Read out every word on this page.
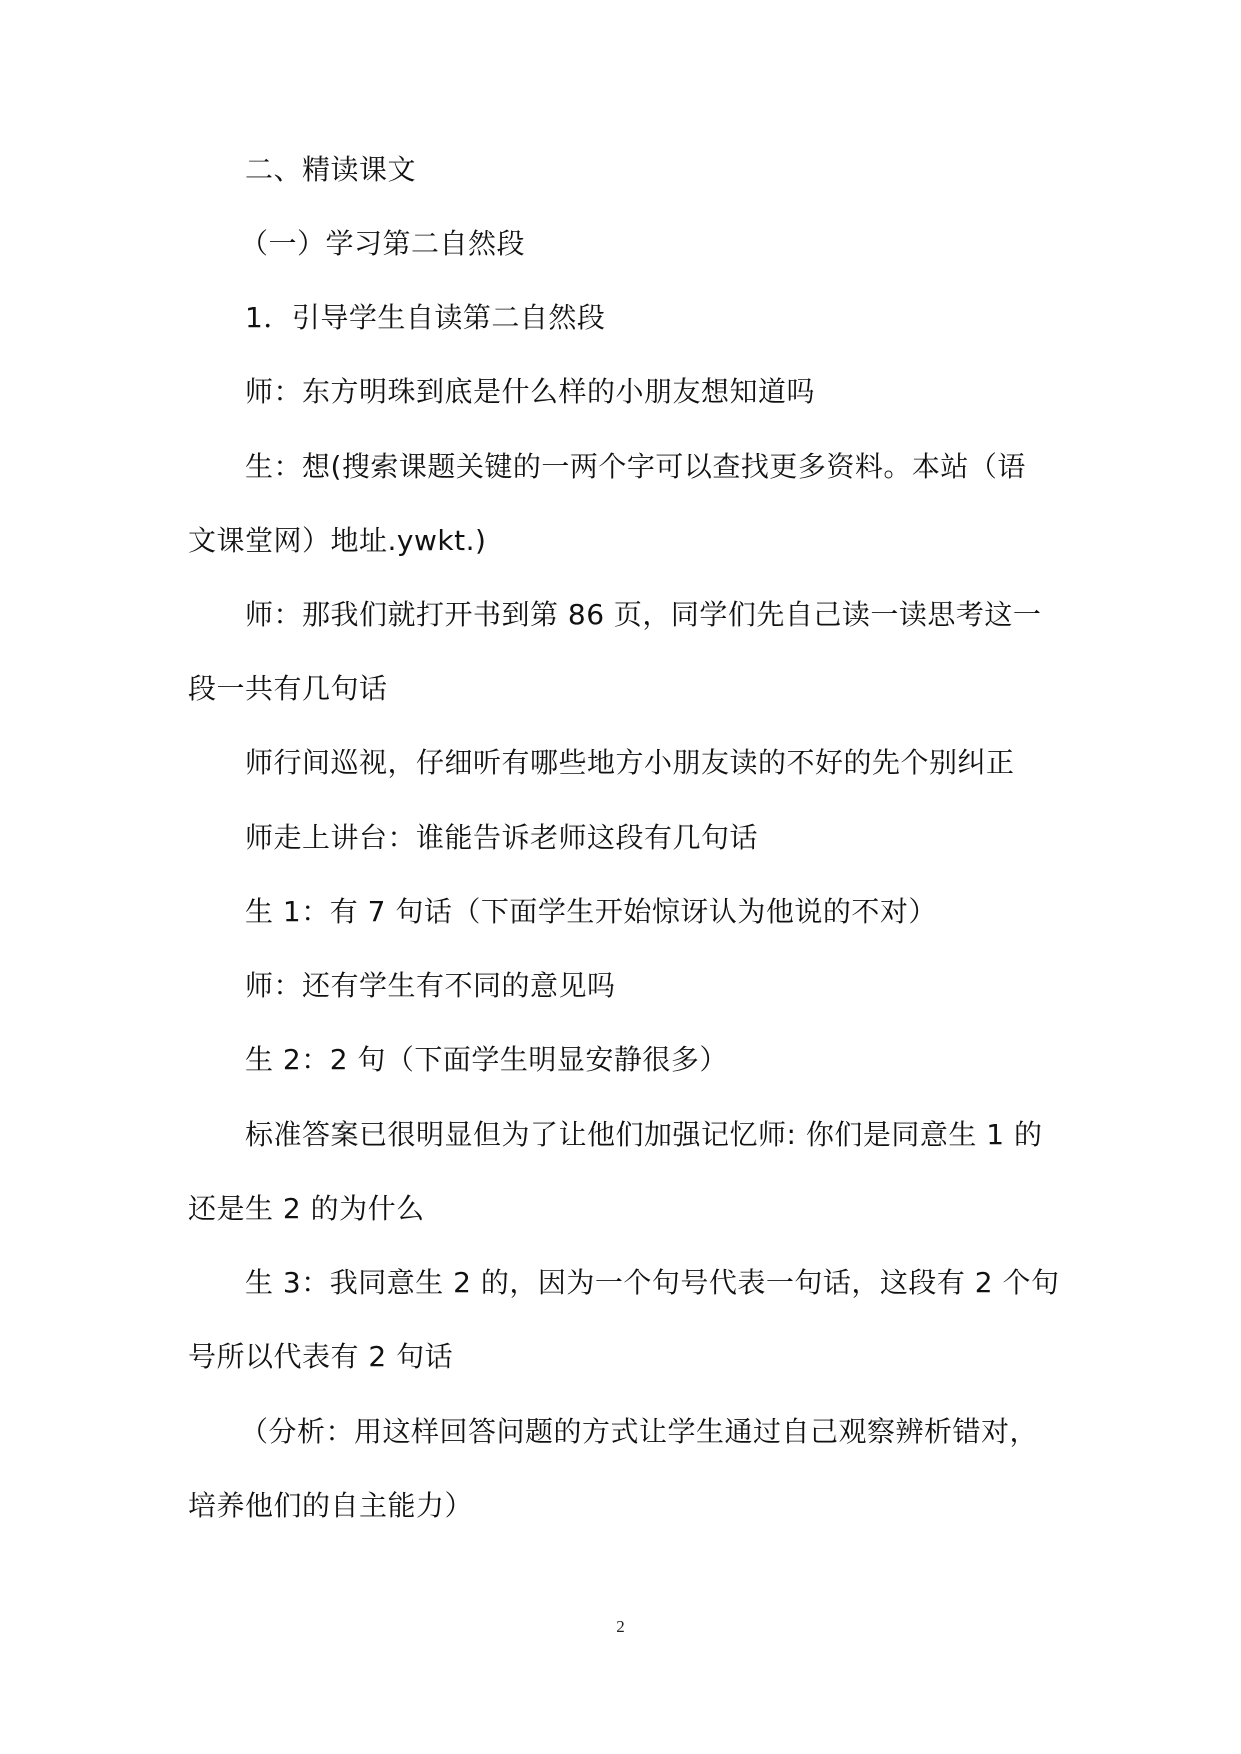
二、精读课文
（一）学习第二自然段
1．引导学生自读第二自然段
师：东方明珠到底是什么样的小朋友想知道吗
生：想(搜索课题关键的一两个字可以查找更多资料。本站（语
文课堂网）地址.ywkt.)
师：那我们就打开书到第 86 页，同学们先自己读一读思考这一
段一共有几句话
师行间巡视，仔细听有哪些地方小朋友读的不好的先个别纠正
师走上讲台：谁能告诉老师这段有几句话
生 1：有 7 句话（下面学生开始惊讶认为他说的不对）
师：还有学生有不同的意见吗
生 2：2 句（下面学生明显安静很多）
标准答案已很明显但为了让他们加强记忆师: 你们是同意生 1 的
还是生 2 的为什么
生 3：我同意生 2 的，因为一个句号代表一句话，这段有 2 个句
号所以代表有 2 句话
（分析：用这样回答问题的方式让学生通过自己观察辨析错对，
培养他们的自主能力）
2
